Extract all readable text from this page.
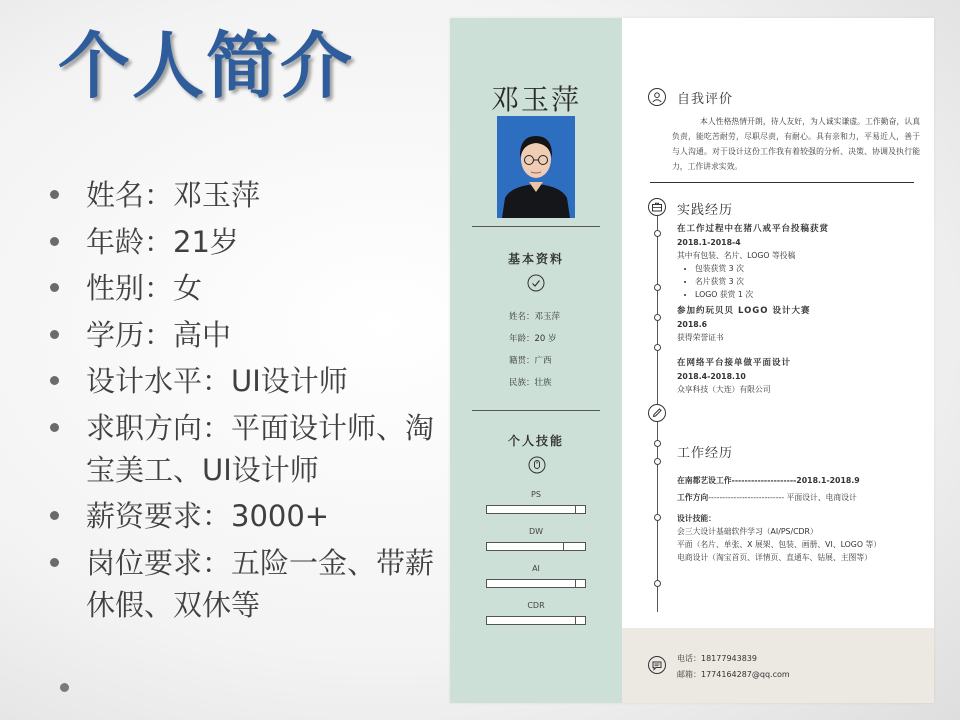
个人简介
姓名：邓玉萍
年龄：21岁
性别：女
学历：高中
设计水平：UI设计师
求职方向：平面设计师、淘宝美工、UI设计师
薪资要求：3000+
岗位要求：五险一金、带薪休假、双休等
邓玉萍
基本资料
姓名：邓玉萍
年龄：20 岁
籍贯：广西
民族：壮族
个人技能
PS
DW
AI
CDR
自我评价
本人性格热情开朗，待人友好，为人诚实谦虚。工作勤奋，认真负责，能吃苦耐劳，尽职尽责，有耐心。具有亲和力，平易近人，善于与人沟通。对于设计这份工作我有着较强的分析、决策、协调及执行能力，工作讲求实效。
实践经历
在工作过程中在猪八戒平台投稿获赏
2018.1-2018-4
其中有包装、名片、LOGO 等投稿
• 包装获赏 3 次
• 名片获赏 3 次
• LOGO 获赏 1 次
参加约玩贝贝 LOGO 设计大赛
2018.6
获得荣誉证书
在网络平台接单做平面设计
2018.4-2018.10
众享科技（大连）有限公司
工作经历
在南都艺设工作--------------------2018.1-2018.9
工作方向--------------------------- 平面设计、电商设计
设计技能：
会三大设计基础软件学习（AI/PS/CDR）
平面（名片、单张、X 展架、包装、画册、VI、LOGO 等）
电商设计（淘宝首页、详情页、直通车、钻展、主图等）
电话：18177943839
邮箱：1774164287@qq.com
